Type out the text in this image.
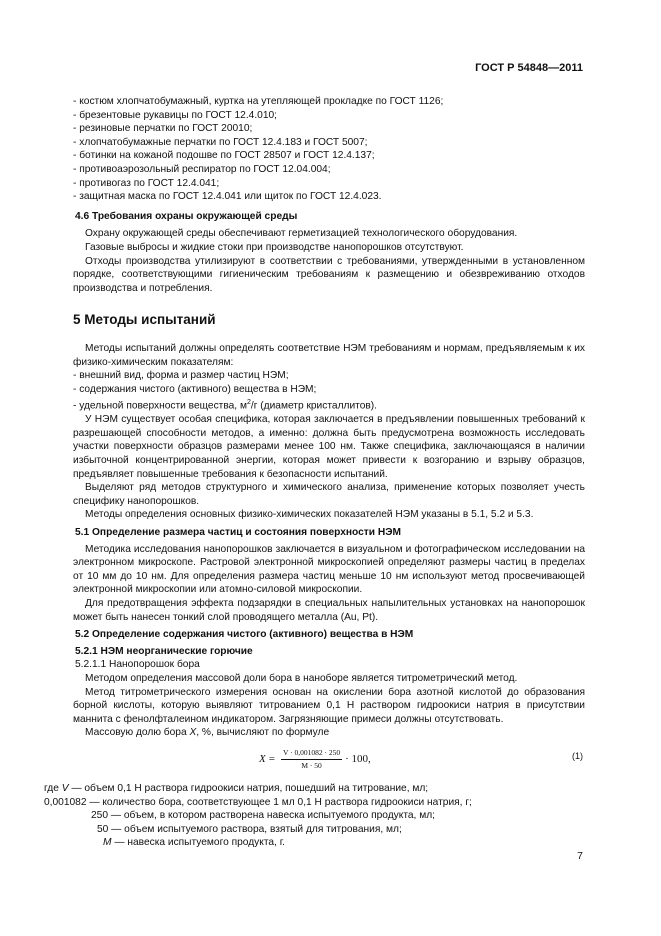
ГОСТ Р 54848—2011
- костюм хлопчатобумажный, куртка на утепляющей прокладке по ГОСТ 1126;
- брезентовые рукавицы по ГОСТ 12.4.010;
- резиновые перчатки по ГОСТ 20010;
- хлопчатобумажные перчатки по ГОСТ 12.4.183 и ГОСТ 5007;
- ботинки на кожаной подошве по ГОСТ 28507 и ГОСТ 12.4.137;
- противоаэрозольный респиратор по ГОСТ 12.04.004;
- противогаз по ГОСТ 12.4.041;
- защитная маска по ГОСТ 12.4.041 или щиток по ГОСТ 12.4.023.
4.6 Требования охраны окружающей среды
Охрану окружающей среды обеспечивают герметизацией технологического оборудования.
Газовые выбросы и жидкие стоки при производстве нанопорошков отсутствуют.
Отходы производства утилизируют в соответствии с требованиями, утвержденными в установленном порядке, соответствующими гигиеническим требованиям к размещению и обезвреживанию отходов производства и потребления.
5 Методы испытаний
Методы испытаний должны определять соответствие НЭМ требованиям и нормам, предъявляемым к их физико-химическим показателям:
- внешний вид, форма и размер частиц НЭМ;
- содержания чистого (активного) вещества в НЭМ;
- удельной поверхности вещества, $м^2/г$ (диаметр кристаллитов).
У НЭМ существует особая специфика, которая заключается в предъявлении повышенных требований к разрешающей способности методов, а именно: должна быть предусмотрена возможность исследовать участки поверхности образцов размерами менее 100 нм. Также специфика, заключающаяся в наличии избыточной концентрированной энергии, которая может привести к возгоранию и взрыву образцов, предъявляет повышенные требования к безопасности испытаний.
Выделяют ряд методов структурного и химического анализа, применение которых позволяет учесть специфику нанопорошков.
Методы определения основных физико-химических показателей НЭМ указаны в 5.1, 5.2 и 5.3.
5.1 Определение размера частиц и состояния поверхности НЭМ
Методика исследования нанопорошков заключается в визуальном и фотографическом исследовании на электронном микроскопе. Растровой электронной микроскопией определяют размеры частиц в пределах от 10 мм до 10 нм. Для определения размера частиц меньше 10 нм используют метод просвечивающей электронной микроскопии или атомно-силовой микроскопии.
Для предотвращения эффекта подзарядки в специальных напылительных установках на нанопорошок может быть нанесен тонкий слой проводящего металла (Au, Pt).
5.2 Определение содержания чистого (активного) вещества в НЭМ
5.2.1 НЭМ неорганические горючие
5.2.1.1 Нанопорошок бора
Методом определения массовой доли бора в наноборе является титрометрический метод.
Метод титрометрического измерения основан на окислении бора азотной кислотой до образования борной кислоты, которую выявляют титрованием 0,1 Н раствором гидроокиси натрия в присутствии маннита с фенолфталеином индикатором. Загрязняющие примеси должны отсутствовать.
Массовую долю бора X, %, вычисляют по формуле
$X = \frac{V \cdot 0,001082 \cdot 250}{M \cdot 50} \cdot 100$,	(1)
где V — объем 0,1 Н раствора гидроокиси натрия, пошедший на титрование, мл;
0,001082 — количество бора, соответствующее 1 мл 0,1 Н раствора гидроокиси натрия, г;
250 — объем, в котором растворена навеска испытуемого продукта, мл;
50 — объем испытуемого раствора, взятый для титрования, мл;
M — навеска испытуемого продукта, г.
7
